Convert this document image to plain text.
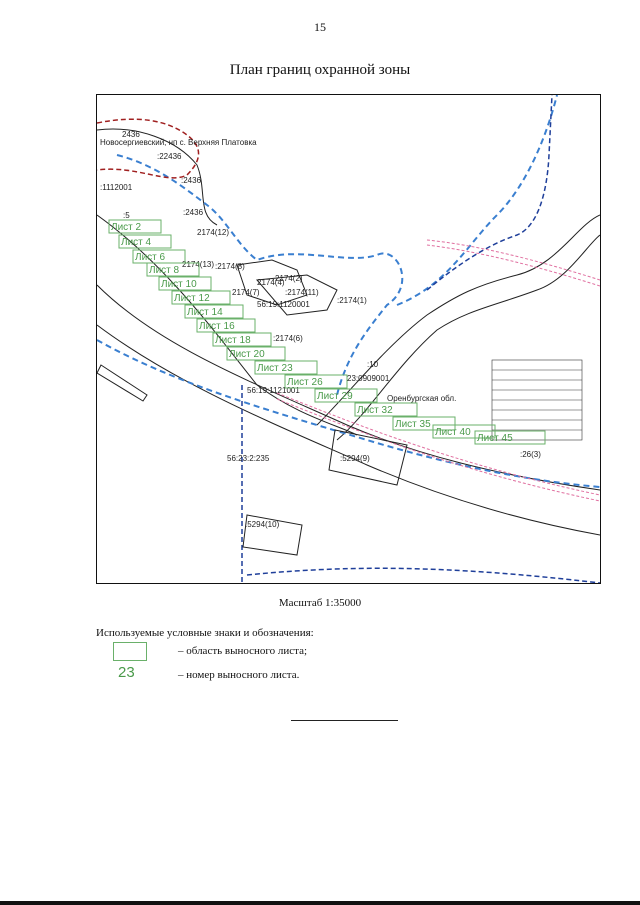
15
План границ охранной зоны
Новосергиевский, нп с. Верхняя Платовка
2436
:22436
:2436
:1112001
:2436
:5
2174(12)
2174(13) :2174(8)
2174(4)
2174(2)
2174(7)	:2174(11)
56:19:1120001	:2174(1)
:2174(6)
:10
23:0909001
56:19:1121001
Оренбургская обл.
56:23:2:235	:5294(9)
:5294(10)
:26(3)
Лист 2
Лист 4
Лист 6
Лист 8
Лист 10
Лист 12
Лист 14
Лист 16
Лист 18
Лист 20
Лист 23
Лист 26
Лист 29
Лист 32
Лист 35
Лист 40
Лист 45
Масштаб 1:35000
Используемые условные знаки и обозначения:
– область выносного листа;
23	– номер выносного листа.
